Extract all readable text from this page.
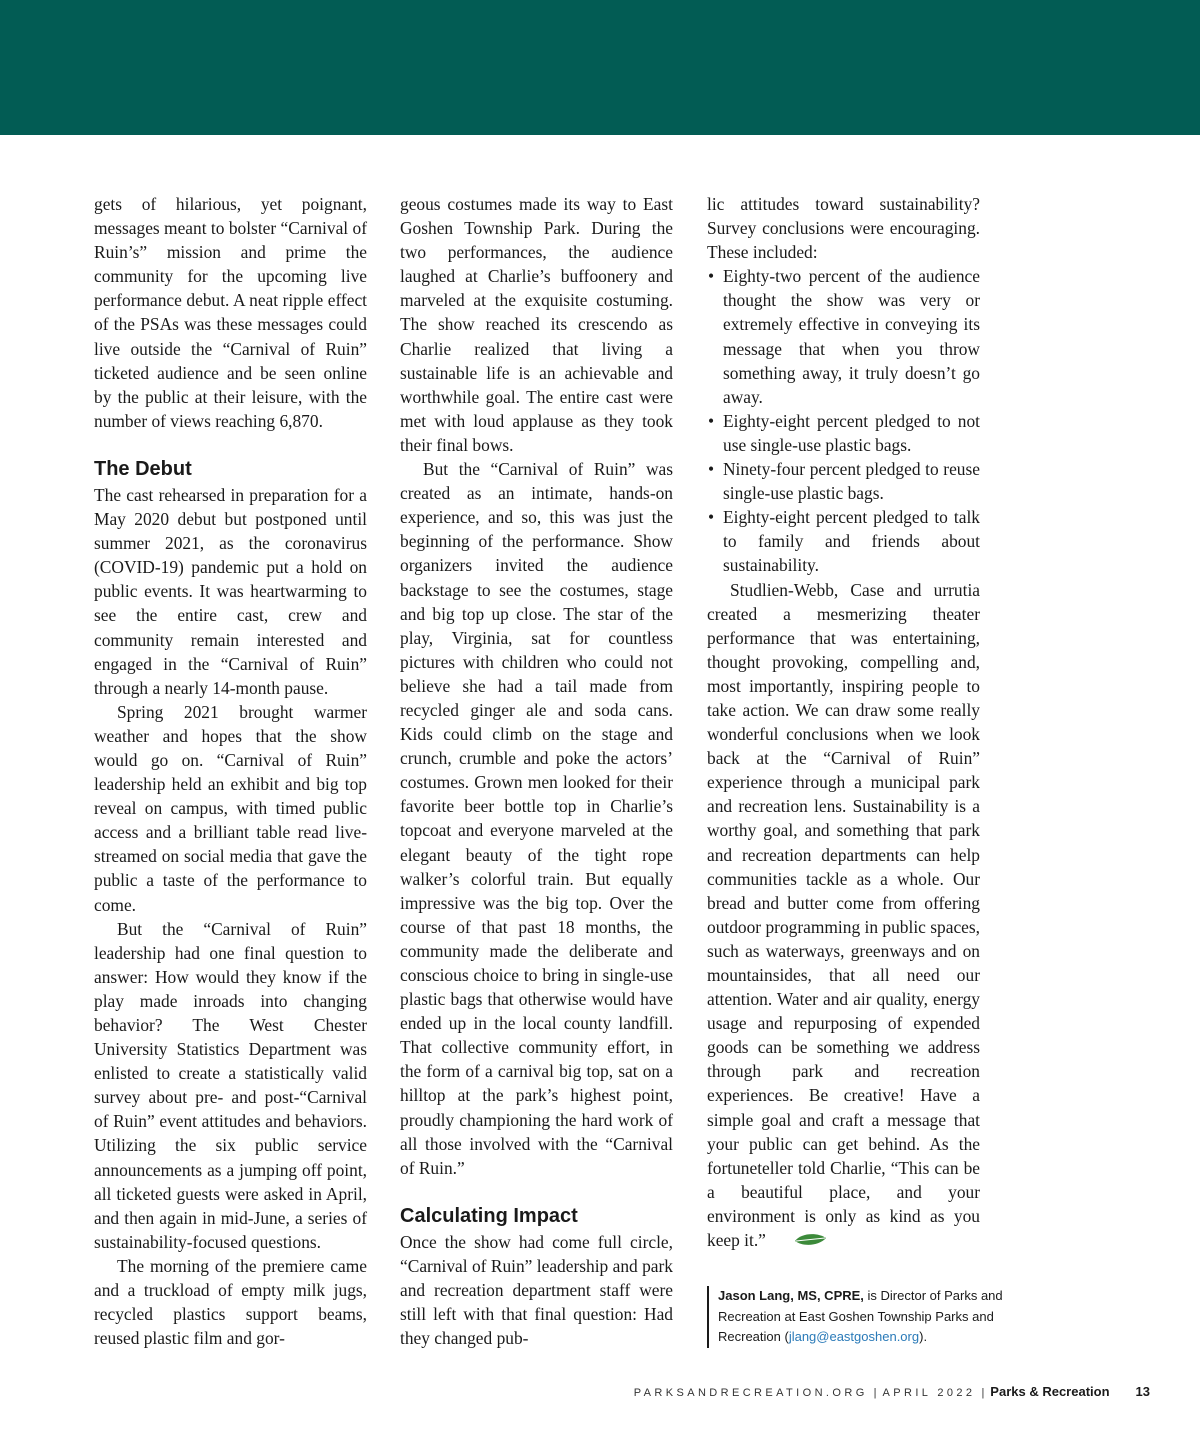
gets of hilarious, yet poignant, messages meant to bolster “Carnival of Ruin’s” mission and prime the community for the upcoming live performance debut. A neat ripple effect of the PSAs was these messages could live outside the “Carnival of Ruin” ticketed audience and be seen online by the public at their leisure, with the number of views reaching 6,870.

The Debut

The cast rehearsed in preparation for a May 2020 debut but postponed until summer 2021, as the coronavirus (COVID-19) pandemic put a hold on public events. It was heartwarming to see the entire cast, crew and community remain interested and engaged in the “Carnival of Ruin” through a nearly 14-month pause.

Spring 2021 brought warmer weather and hopes that the show would go on. “Carnival of Ruin” leadership held an exhibit and big top reveal on campus, with timed public access and a brilliant table read live-streamed on social media that gave the public a taste of the performance to come.

But the “Carnival of Ruin” leadership had one final question to answer: How would they know if the play made inroads into changing behavior? The West Chester University Statistics Department was enlisted to create a statistically valid survey about pre- and post-“Carnival of Ruin” event attitudes and behaviors. Utilizing the six public service announcements as a jumping off point, all ticketed guests were asked in April, and then again in mid-June, a series of sustainability-focused questions.

The morning of the premiere came and a truckload of empty milk jugs, recycled plastics support beams, reused plastic film and gor-

geous costumes made its way to East Goshen Township Park. During the two performances, the audience laughed at Charlie’s buffoonery and marveled at the exquisite costuming. The show reached its crescendo as Charlie realized that living a sustainable life is an achievable and worthwhile goal. The entire cast were met with loud applause as they took their final bows.

But the “Carnival of Ruin” was created as an intimate, hands-on experience, and so, this was just the beginning of the performance. Show organizers invited the audience backstage to see the costumes, stage and big top up close. The star of the play, Virginia, sat for countless pictures with children who could not believe she had a tail made from recycled ginger ale and soda cans. Kids could climb on the stage and crunch, crumble and poke the actors’ costumes. Grown men looked for their favorite beer bottle top in Charlie’s topcoat and everyone marveled at the elegant beauty of the tight rope walker’s colorful train. But equally impressive was the big top. Over the course of that past 18 months, the community made the deliberate and conscious choice to bring in single-use plastic bags that otherwise would have ended up in the local county landfill. That collective community effort, in the form of a carnival big top, sat on a hilltop at the park’s highest point, proudly championing the hard work of all those involved with the “Carnival of Ruin.”

Calculating Impact

Once the show had come full circle, “Carnival of Ruin” leadership and park and recreation department staff were still left with that final question: Had they changed pub-

lic attitudes toward sustainability? Survey conclusions were encouraging. These included:

• Eighty-two percent of the audience thought the show was very or extremely effective in conveying its message that when you throw something away, it truly doesn’t go away.
• Eighty-eight percent pledged to not use single-use plastic bags.
• Ninety-four percent pledged to reuse single-use plastic bags.
• Eighty-eight percent pledged to talk to family and friends about sustainability.

Studlien-Webb, Case and urrutia created a mesmerizing theater performance that was entertaining, thought provoking, compelling and, most importantly, inspiring people to take action. We can draw some really wonderful conclusions when we look back at the “Carnival of Ruin” experience through a municipal park and recreation lens. Sustainability is a worthy goal, and something that park and recreation departments can help communities tackle as a whole. Our bread and butter come from offering outdoor programming in public spaces, such as waterways, greenways and on mountainsides, that all need our attention. Water and air quality, energy usage and repurposing of expended goods can be something we address through park and recreation experiences. Be creative! Have a simple goal and craft a message that your public can get behind. As the fortuneteller told Charlie, “This can be a beautiful place, and your environment is only as kind as you keep it.”

Jason Lang, MS, CPRE, is Director of Parks and Recreation at East Goshen Township Parks and Recreation (jlang@eastgoshen.org).
PARKSANDRECREATION.ORG | APRIL 2022 | Parks & Recreation 13
